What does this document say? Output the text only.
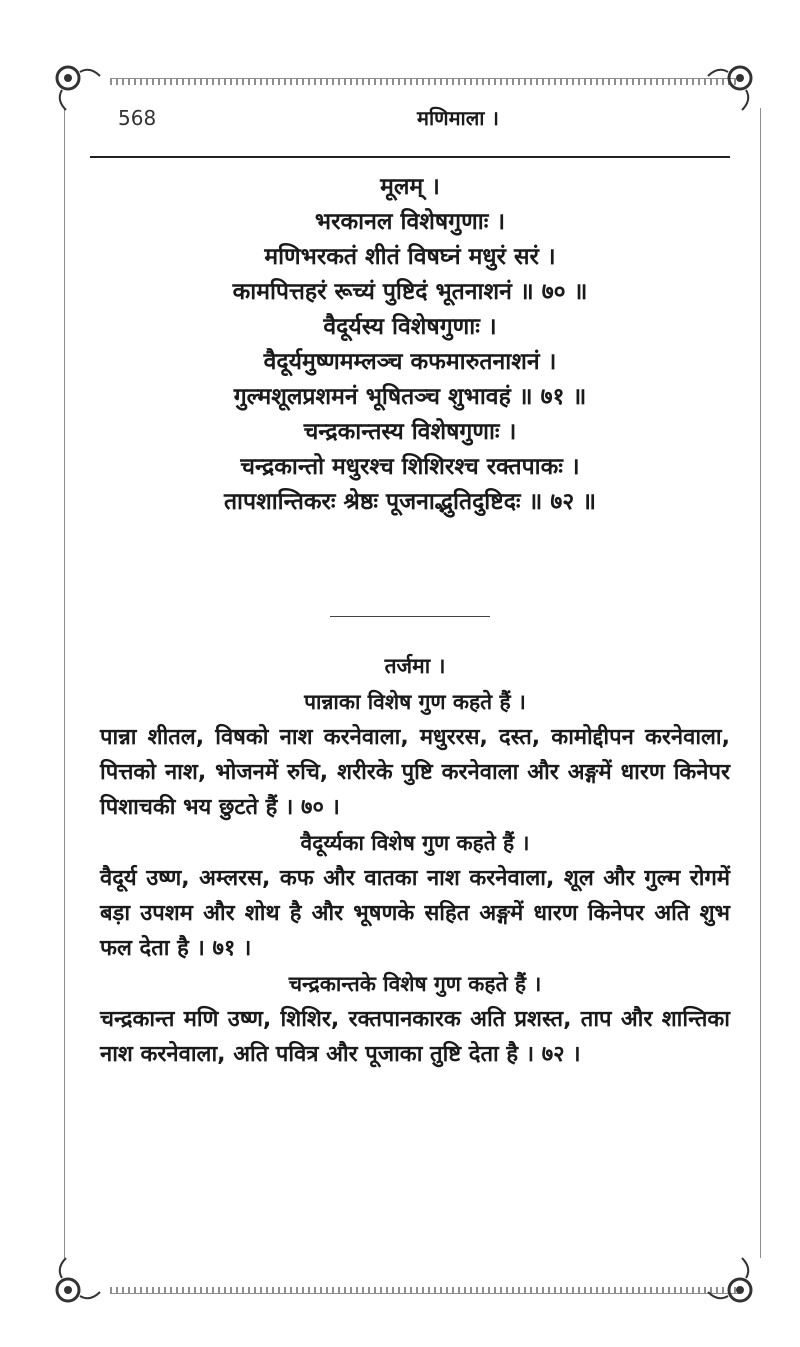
568	मणिमाला ।
मूलम् ।
भरकानल विशेषगुणाः ।
मणिभरकतं शीतं विषघ्नं मधुरं सरं ।
कामपित्तहरं रूच्यं पुष्टिदं भूतनाशनं ॥ ७० ॥
वैदूर्यस्य विशेषगुणाः ।
वैदूर्यमुष्णमम्लञ्च कफमारुतनाशनं ।
गुल्मशूलप्रशमनं भूषितञ्च शुभावहं ॥ ७१ ॥
चन्द्रकान्तस्य विशेषगुणाः ।
चन्द्रकान्तो मधुरश्च शिशिरश्च रक्तपाकः ।
तापशान्तिकरः श्रेष्ठः पूजनाद्भुतिदुष्टिदः ॥ ७२ ॥
तर्जमा ।
पान्नाका विशेष गुण कहते हैं ।

पान्ना शीतल, विषको नाश करनेवाला, मधुररस, दस्त, कामोद्दीपन करनेवाला, पित्तको नाश, भोजनमें रुचि, शरीरके पुष्टि करनेवाला और अङ्गमें धारण किनेपर पिशाचकी भय छुटते हैं । ७० ।

वैदूर्य्यका विशेष गुण कहते हैं ।

वैदूर्य उष्ण, अम्लरस, कफ और वातका नाश करनेवाला, शूल और गुल्म रोगमें बड़ा उपशम और शोथ है और भूषणके सहित अङ्गमें धारण किनेपर अति शुभ फल देता है । ७१ ।

चन्द्रकान्तके विशेष गुण कहते हैं ।

चन्द्रकान्त मणि उष्ण, शिशिर, रक्तपानकारक अति प्रशस्त, ताप और शान्तिका नाश करनेवाला, अति पवित्र और पूजाका तुष्टि देता है । ७२ ।
